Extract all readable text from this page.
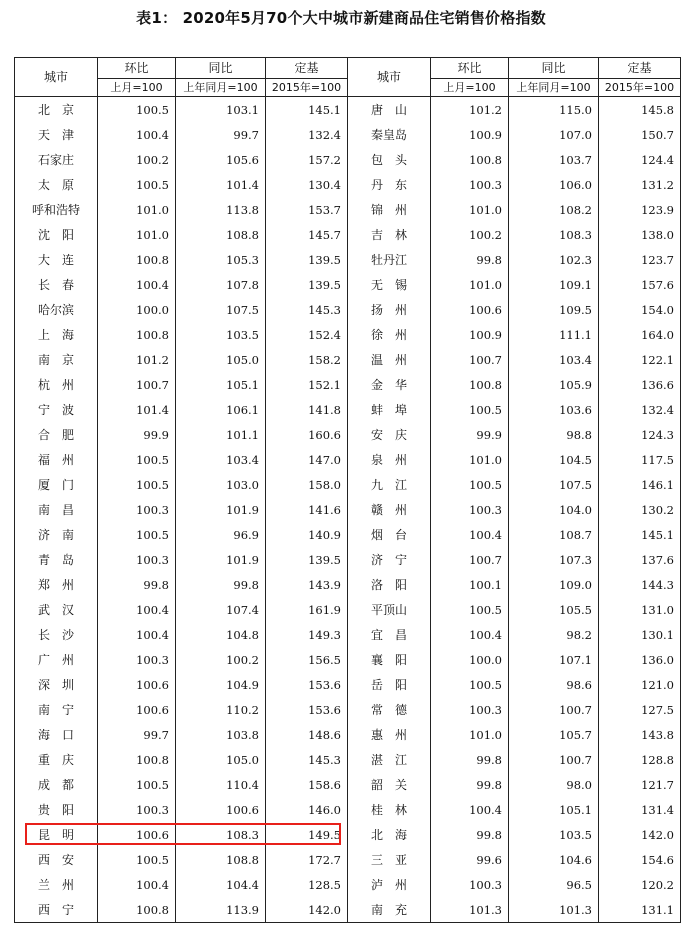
表1： 2020年5月70个大中城市新建商品住宅销售价格指数
城市	环比	同比	定基	城市	环比	同比	定基
	上月=100	上年同月=100	2015年=100		上月=100	上年同月=100	2015年=100
北　京	100.5	103.1	145.1	唐　山	101.2	115.0	145.8
天　津	100.4	99.7	132.4	秦皇岛	100.9	107.0	150.7
石家庄	100.2	105.6	157.2	包　头	100.8	103.7	124.4
太　原	100.5	101.4	130.4	丹　东	100.3	106.0	131.2
呼和浩特	101.0	113.8	153.7	锦　州	101.0	108.2	123.9
沈　阳	101.0	108.8	145.7	吉　林	100.2	108.3	138.0
大　连	100.8	105.3	139.5	牡丹江	99.8	102.3	123.7
长　春	100.4	107.8	139.5	无　锡	101.0	109.1	157.6
哈尔滨	100.0	107.5	145.3	扬　州	100.6	109.5	154.0
上　海	100.8	103.5	152.4	徐　州	100.9	111.1	164.0
南　京	101.2	105.0	158.2	温　州	100.7	103.4	122.1
杭　州	100.7	105.1	152.1	金　华	100.8	105.9	136.6
宁　波	101.4	106.1	141.8	蚌　埠	100.5	103.6	132.4
合　肥	99.9	101.1	160.6	安　庆	99.9	98.8	124.3
福　州	100.5	103.4	147.0	泉　州	101.0	104.5	117.5
厦　门	100.5	103.0	158.0	九　江	100.5	107.5	146.1
南　昌	100.3	101.9	141.6	赣　州	100.3	104.0	130.2
济　南	100.5	96.9	140.9	烟　台	100.4	108.7	145.1
青　岛	100.3	101.9	139.5	济　宁	100.7	107.3	137.6
郑　州	99.8	99.8	143.9	洛　阳	100.1	109.0	144.3
武　汉	100.4	107.4	161.9	平顶山	100.5	105.5	131.0
长　沙	100.4	104.8	149.3	宜　昌	100.4	98.2	130.1
广　州	100.3	100.2	156.5	襄　阳	100.0	107.1	136.0
深　圳	100.6	104.9	153.6	岳　阳	100.5	98.6	121.0
南　宁	100.6	110.2	153.6	常　德	100.3	100.7	127.5
海　口	99.7	103.8	148.6	惠　州	101.0	105.7	143.8
重　庆	100.8	105.0	145.3	湛　江	99.8	100.7	128.8
成　都	100.5	110.4	158.6	韶　关	99.8	98.0	121.7
贵　阳	100.3	100.6	146.0	桂　林	100.4	105.1	131.4
昆　明	100.6	108.3	149.5	北　海	99.8	103.5	142.0
西　安	100.5	108.8	172.7	三　亚	99.6	104.6	154.6
兰　州	100.4	104.4	128.5	泸　州	100.3	96.5	120.2
西　宁	100.8	113.9	142.0	南　充	101.3	101.3	131.1
